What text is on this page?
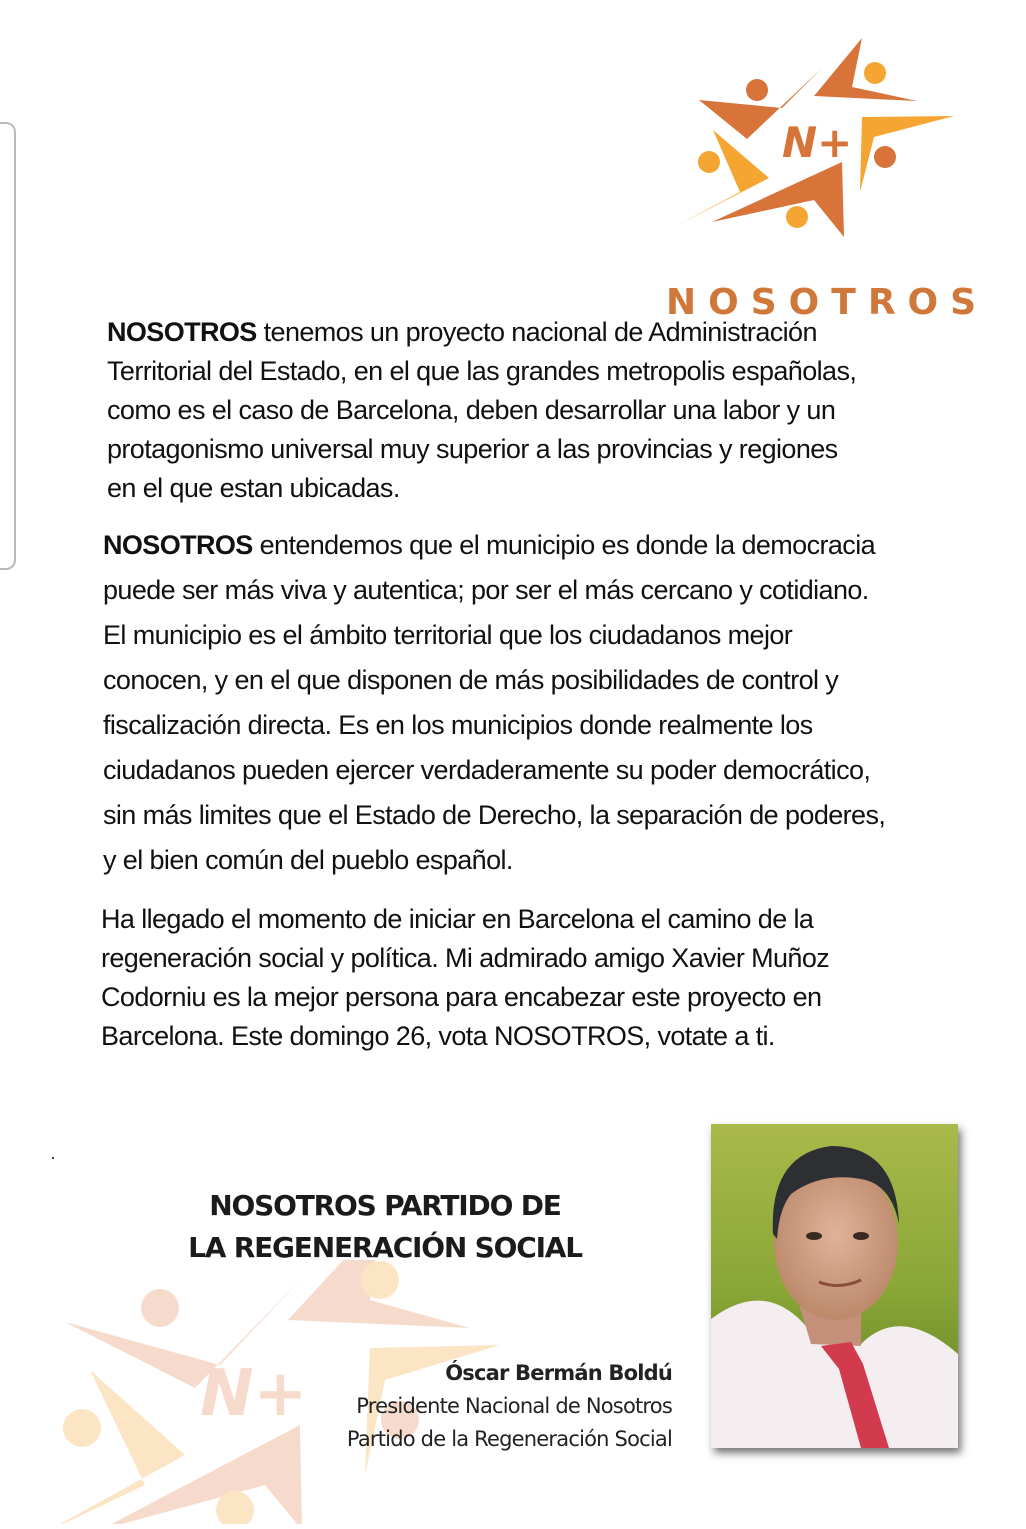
N+
NOSOTROS
NOSOTROS tenemos un proyecto nacional de Administración
Territorial del Estado, en el que las grandes metropolis españolas,
como es el caso de Barcelona, deben desarrollar una labor y un
protagonismo universal muy superior a las provincias y regiones
en el que estan ubicadas.
NOSOTROS entendemos que el municipio es donde la democracia
puede ser más viva y autentica; por ser el más cercano y cotidiano.
El municipio es el ámbito territorial que los ciudadanos mejor
conocen, y en el que disponen de más posibilidades de control y
fiscalización directa. Es en los municipios donde realmente los
ciudadanos pueden ejercer verdaderamente su poder democrático,
sin más limites que el Estado de Derecho, la separación de poderes,
y el bien común del pueblo español.
Ha llegado el momento de iniciar en Barcelona el camino de la
regeneración social y política. Mi admirado amigo Xavier Muñoz
Codorniu es la mejor persona para encabezar este proyecto en
Barcelona. Este domingo 26, vota NOSOTROS, votate a ti.
N+
NOSOTROS PARTIDO DE
LA REGENERACIÓN SOCIAL
Óscar Bermán Boldú
Presidente Nacional de Nosotros
Partido de la Regeneración Social
